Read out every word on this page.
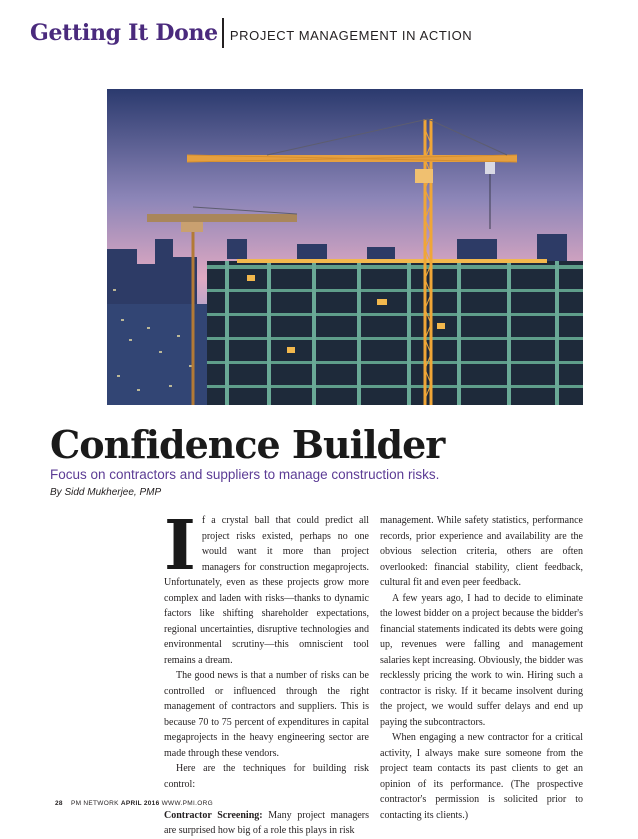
Getting It Done PROJECT MANAGEMENT IN ACTION
Confidence Builder

Focus on contractors and suppliers to manage construction risks.

By Sidd Mukherjee, PMP

If a crystal ball that could predict all project risks existed, perhaps no one would want it more than project managers for construction megaprojects. Unfortunately, even as these projects grow more complex and laden with risks—thanks to dynamic factors like shifting shareholder expectations, regional uncertainties, disruptive technologies and environmental scrutiny—this omniscient tool remains a dream.

The good news is that a number of risks can be controlled or influenced through the right management of contractors and suppliers. This is because 70 to 75 percent of expenditures in capital megaprojects in the heavy engineering sector are made through these vendors.

Here are the techniques for building risk control:

Contractor Screening: Many project managers are surprised how big of a role this plays in risk

management. While safety statistics, performance records, prior experience and availability are the obvious selection criteria, others are often overlooked: financial stability, client feedback, cultural fit and even peer feedback.

A few years ago, I had to decide to eliminate the lowest bidder on a project because the bidder's financial statements indicated its debts were going up, revenues were falling and management salaries kept increasing. Obviously, the bidder was recklessly pricing the work to win. Hiring such a contractor is risky. If it became insolvent during the project, we would suffer delays and end up paying the subcontractors.

When engaging a new contractor for a critical activity, I always make sure someone from the project team contacts its past clients to get an opinion of its performance. (The prospective contractor's permission is solicited prior to contacting its clients.)

28 PM NETWORK APRIL 2016 WWW.PMI.ORG
